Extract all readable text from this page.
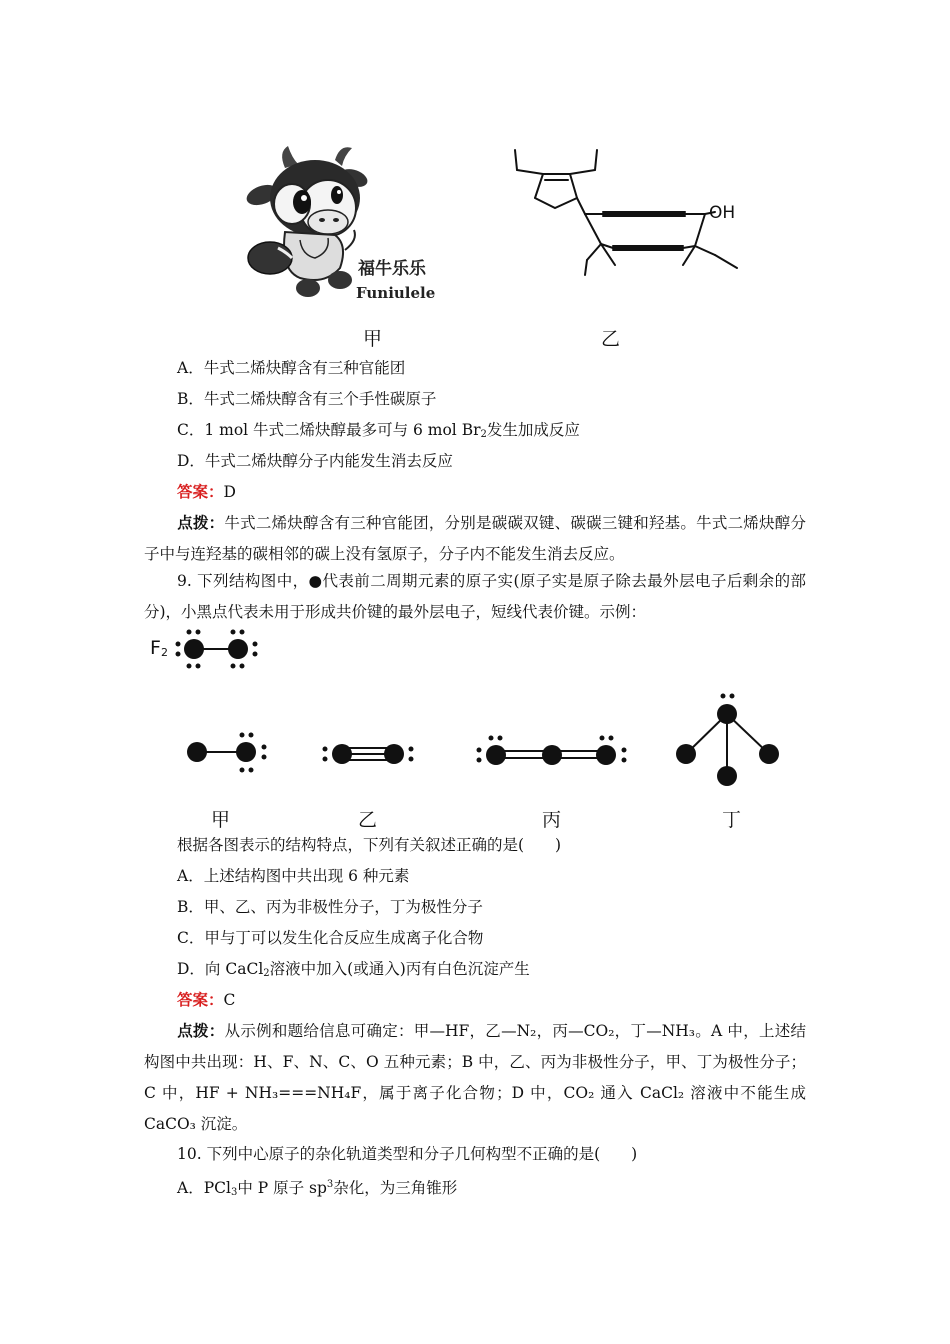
福牛乐乐
Funiulele
OH
甲	乙
A．牛式二烯炔醇含有三种官能团
B．牛式二烯炔醇含有三个手性碳原子
C．1 mol 牛式二烯炔醇最多可与 6 mol $Br_2$发生加成反应
D．牛式二烯炔醇分子内能发生消去反应
答案：D
点拨：牛式二烯炔醇含有三种官能团，分别是碳碳双键、碳碳三键和羟基。牛式二烯炔醇分子中与连羟基的碳相邻的碳上没有氢原子，分子内不能发生消去反应。
9. 下列结构图中，●代表前二周期元素的原子实(原子实是原子除去最外层电子后剩余的部分)，小黑点代表未用于形成共价键的最外层电子，短线代表价键。示例：
$F_2$
甲	乙	丙	丁
根据各图表示的结构特点，下列有关叙述正确的是(　　)
A．上述结构图中共出现 6 种元素
B．甲、乙、丙为非极性分子，丁为极性分子
C．甲与丁可以发生化合反应生成离子化合物
D．向 CaCl$_2$溶液中加入(或通入)丙有白色沉淀产生
答案：C
点拨：从示例和题给信息可确定：甲—HF，乙—N₂，丙—CO₂，丁—NH₃。A 中，上述结构图中共出现：H、F、N、C、O 五种元素；B 中，乙、丙为非极性分子，甲、丁为极性分子；C 中，HF + NH₃===NH₄F，属于离子化合物；D 中，CO₂ 通入 CaCl₂ 溶液中不能生成 CaCO₃ 沉淀。
10. 下列中心原子的杂化轨道类型和分子几何构型不正确的是(　　)
A．PCl$_3$中 P 原子 $sp^3$杂化，为三角锥形
